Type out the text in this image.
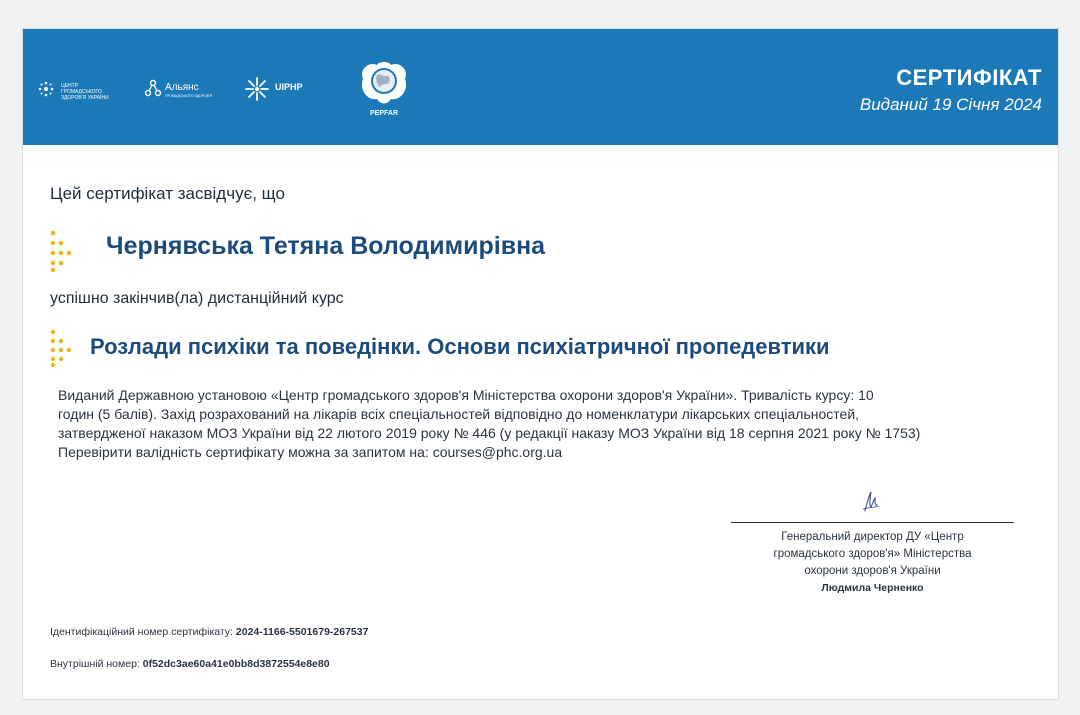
ЦЕНТР ГРОМАДСЬКОГО ЗДОРОВ'Я УКРАЇНИ
Альянс
ГРОМАДСЬКОГО ЗДОРОВ'Я
UIPHP
PEPFAR
СЕРТИФІКАТ
Виданий 19 Січня 2024
Цей сертифікат засвідчує, що
Чернявська Тетяна Володимирівна
успішно закінчив(ла) дистанційний курс
Розлади психіки та поведінки. Основи психіатричної пропедевтики

Виданий Державною установою «Центр громадського здоров'я Міністерства охорони здоров'я України». Тривалість курсу: 10

годин (5 балів). Захід розрахований на лікарів всіх спеціальностей відповідно до номенклатури лікарських спеціальностей,

затвердженої наказом МОЗ України від 22 лютого 2019 року № 446 (у редакції наказу МОЗ України від 18 серпня 2021 року № 1753)

Перевірити валідність сертифікату можна за запитом на: courses@phc.org.ua

Генеральний директор ДУ «Центр
громадського здоров'я» Міністерства
охорони здоров'я України
Людмила Черненко
Ідентифікаційний номер сертифікату: 2024-1166-5501679-267537
Внутрішній номер: 0f52dc3ae60a41e0bb8d3872554e8e80
